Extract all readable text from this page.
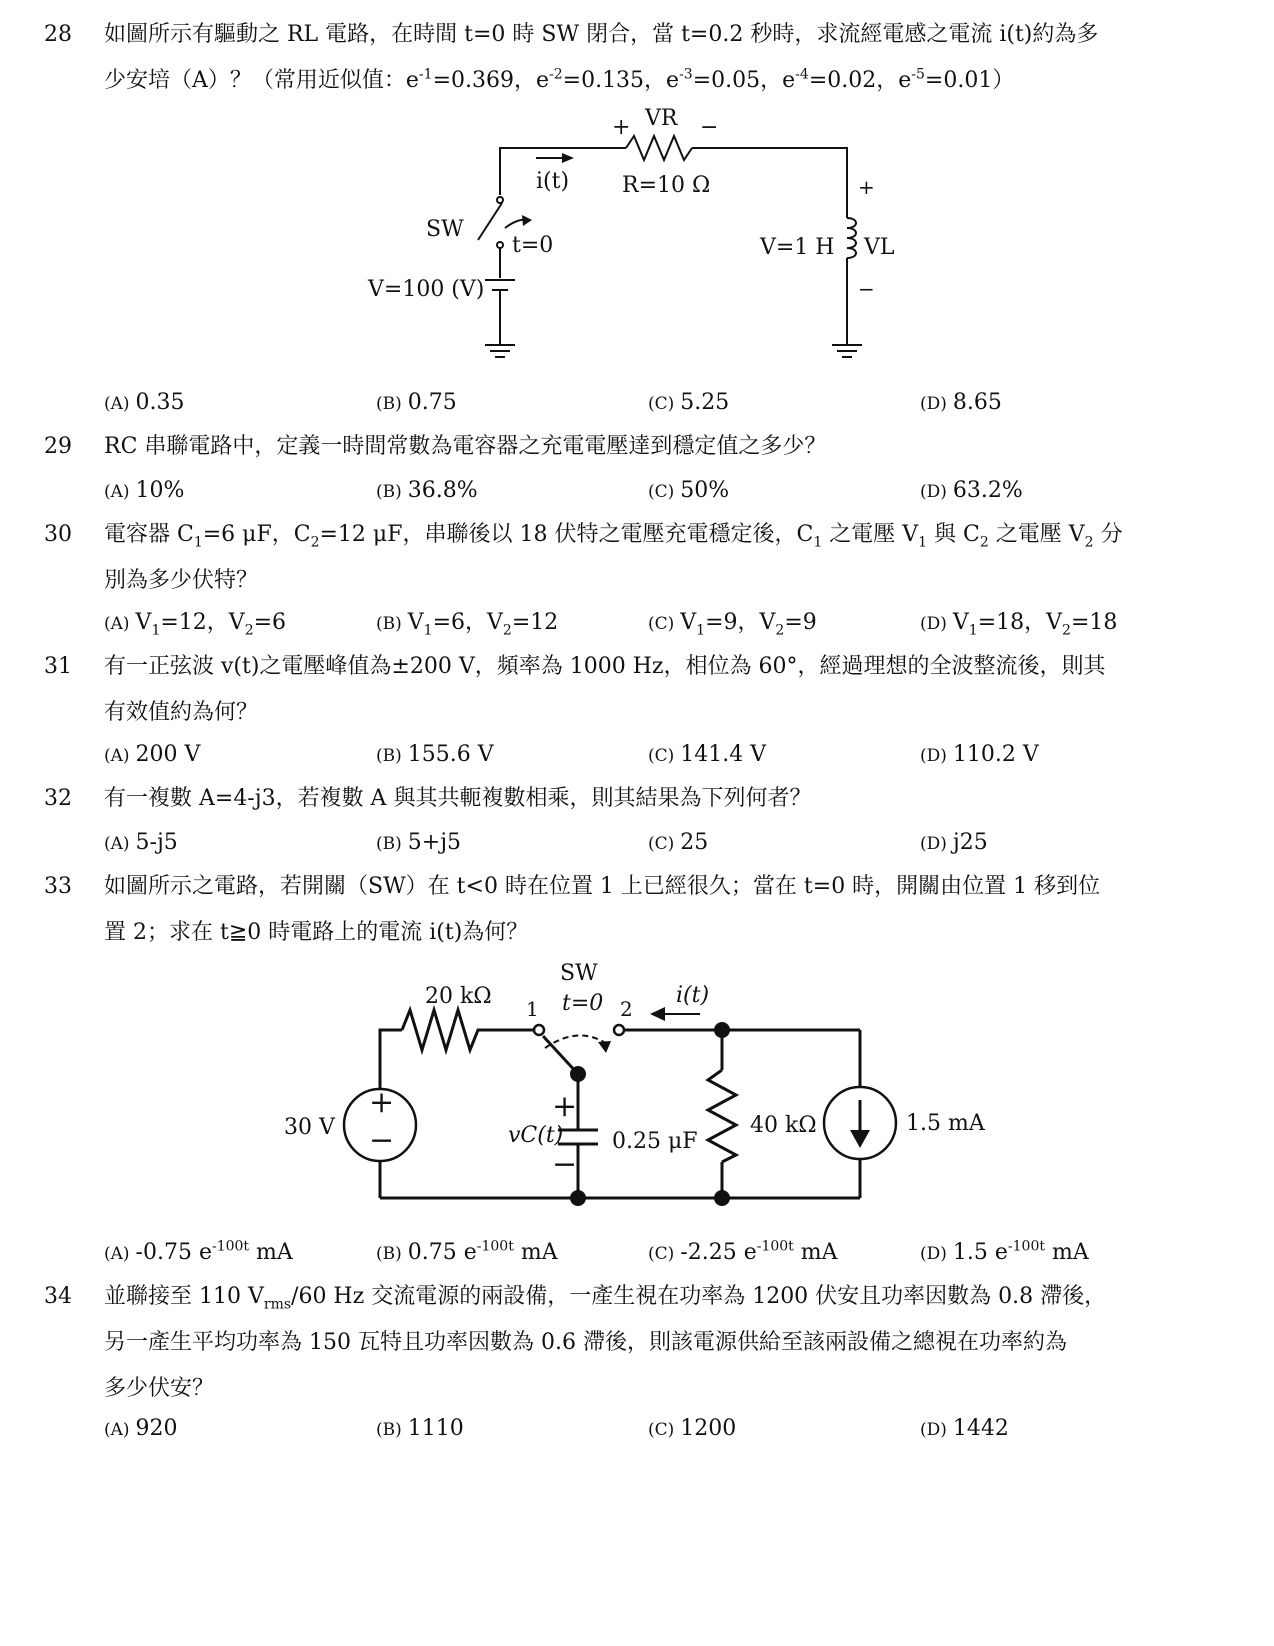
28	如圖所示有驅動之 RL 電路，在時間 t=0 時 SW 閉合，當 t=0.2 秒時，求流經電感之電流 i(t)約為多
少安培（A）？（常用近似值：$e^{-1}=0.369$，$e^{-2}=0.135$，$e^{-3}=0.05$，$e^{-4}=0.02$，$e^{-5}=0.01$）
+ VR −
i(t) R=10 Ω
SW
t=0
V=100 (V)
V=1 H VL
+
−
(A) 0.35	(B) 0.75	(C) 5.25	(D) 8.65
29	RC 串聯電路中，定義一時間常數為電容器之充電電壓達到穩定值之多少？
(A) 10%	(B) 36.8%	(C) 50%	(D) 63.2%
30	電容器 $C_1=6$ μF，$C_2=12$ μF，串聯後以 18 伏特之電壓充電穩定後，$C_1$ 之電壓 $V_1$ 與 $C_2$ 之電壓 $V_2$ 分
別為多少伏特？
(A) $V_1=12$，$V_2=6$	(B) $V_1=6$，$V_2=12$	(C) $V_1=9$，$V_2=9$	(D) $V_1=18$，$V_2=18$
31	有一正弦波 v(t)之電壓峰值為±200 V，頻率為 1000 Hz，相位為 60°，經過理想的全波整流後，則其
有效值約為何？
(A) 200 V	(B) 155.6 V	(C) 141.4 V	(D) 110.2 V
32	有一複數 A=4-j3，若複數 A 與其共軛複數相乘，則其結果為下列何者？
(A) 5-j5	(B) 5+j5	(C) 25	(D) j25
33	如圖所示之電路，若開關（SW）在 t<0 時在位置 1 上已經很久；當在 t=0 時，開關由位置 1 移到位
置 2；求在 t≧0 時電路上的電流 i(t)為何？
20 kΩ
SW
t=0
1	2
i(t)
30 V
+
−
+
−
vC(t) 0.25 μF
40 kΩ	1.5 mA
(A) -0.75 $e^{-100t}$ mA	(B) 0.75 $e^{-100t}$ mA	(C) -2.25 $e^{-100t}$ mA	(D) 1.5 $e^{-100t}$ mA
34	並聯接至 110 $V_{rms}/60$ Hz 交流電源的兩設備，一產生視在功率為 1200 伏安且功率因數為 0.8 滯後，
另一產生平均功率為 150 瓦特且功率因數為 0.6 滯後，則該電源供給至該兩設備之總視在功率約為
多少伏安？
(A) 920	(B) 1110	(C) 1200	(D) 1442
